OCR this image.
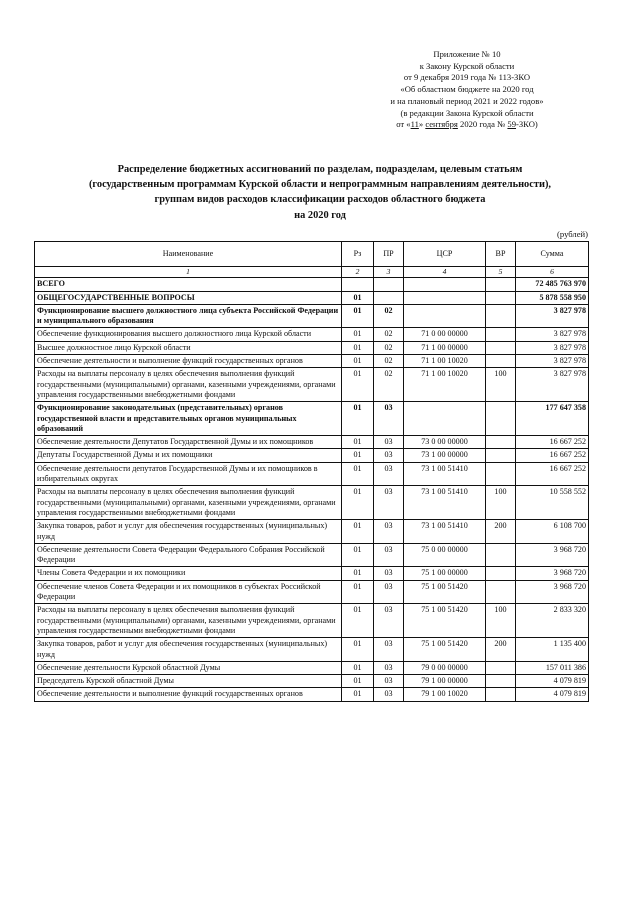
Приложение № 10
к Закону Курской области
от 9 декабря 2019 года № 113-ЗКО
«Об областном бюджете на 2020 год
и на плановый период 2021 и 2022 годов»
(в редакции Закона Курской области
от «11» сентября 2020 года № 59-ЗКО)
Распределение бюджетных ассигнований по разделам, подразделам, целевым статьям
(государственным программам Курской области и непрограммным направлениям деятельности),
группам видов расходов классификации расходов областного бюджета
на 2020 год
(рублей)
Наименование	Рз	ПР	ЦСР	ВР	Сумма
1	2	3	4	5	6
ВСЕГО					72 485 763 970
ОБЩЕГОСУДАРСТВЕННЫЕ ВОПРОСЫ	01				5 878 558 950
Функционирование высшего должностного лица субъекта Российской Федерации и муниципального образования	01	02			3 827 978
Обеспечение функционирования высшего должностного лица Курской области	01	02	71 0 00 00000		3 827 978
Высшее должностное лицо Курской области	01	02	71 1 00 00000		3 827 978
Обеспечение деятельности и выполнение функций государственных органов	01	02	71 1 00 10020		3 827 978
Расходы на выплаты персоналу в целях обеспечения выполнения функций государственными (муниципальными) органами, казенными учреждениями, органами управления государственными внебюджетными фондами	01	02	71 1 00 10020	100	3 827 978
Функционирование законодательных (представительных) органов государственной власти и представительных органов муниципальных образований	01	03			177 647 358
Обеспечение деятельности Депутатов Государственной Думы и их помощников	01	03	73 0 00 00000		16 667 252
Депутаты Государственной Думы и их помощники	01	03	73 1 00 00000		16 667 252
Обеспечение деятельности депутатов Государственной Думы и их помощников в избирательных округах	01	03	73 1 00 51410		16 667 252
Расходы на выплаты персоналу в целях обеспечения выполнения функций государственными (муниципальными) органами, казенными учреждениями, органами управления государственными внебюджетными фондами	01	03	73 1 00 51410	100	10 558 552
Закупка товаров, работ и услуг для обеспечения государственных (муниципальных) нужд	01	03	73 1 00 51410	200	6 108 700
Обеспечение деятельности Совета Федерации Федерального Собрания Российской Федерации	01	03	75 0 00 00000		3 968 720
Члены Совета Федерации и их помощники	01	03	75 1 00 00000		3 968 720
Обеспечение членов Совета Федерации и их помощников в субъектах Российской Федерации	01	03	75 1 00 51420		3 968 720
Расходы на выплаты персоналу в целях обеспечения выполнения функций государственными (муниципальными) органами, казенными учреждениями, органами управления государственными внебюджетными фондами	01	03	75 1 00 51420	100	2 833 320
Закупка товаров, работ и услуг для обеспечения государственных (муниципальных) нужд	01	03	75 1 00 51420	200	1 135 400
Обеспечение деятельности Курской областной Думы	01	03	79 0 00 00000		157 011 386
Председатель Курской областной Думы	01	03	79 1 00 00000		4 079 819
Обеспечение деятельности и выполнение функций государственных органов	01	03	79 1 00 10020		4 079 819
